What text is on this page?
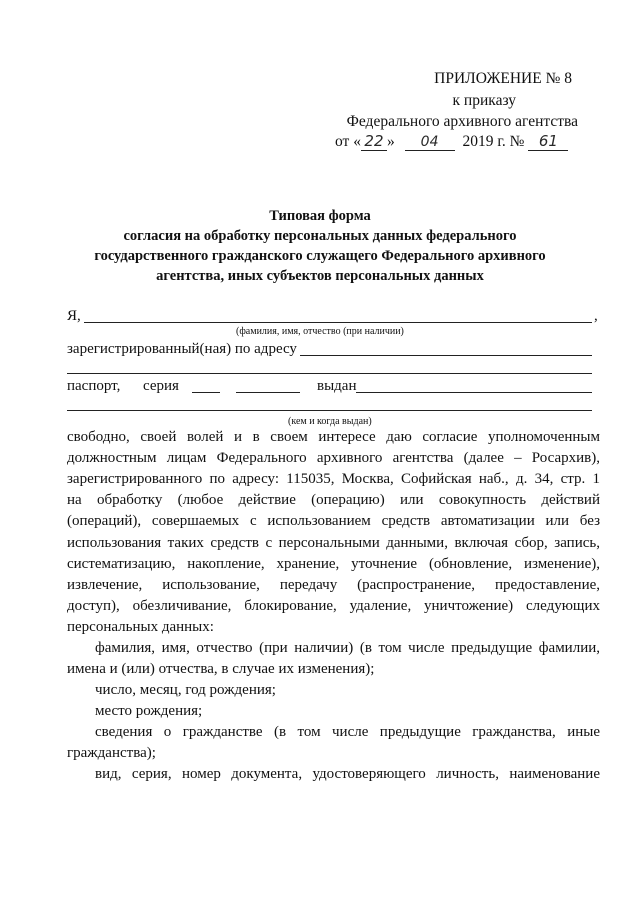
ПРИЛОЖЕНИЕ № 8
к приказу
Федерального архивного агентства
от « 22 » 04 2019 г. № 61
Типовая форма
согласия на обработку персональных данных федерального
государственного гражданского служащего Федерального архивного
агентства, иных субъектов персональных данных
Я,	,
(фамилия, имя, отчество (при наличии)
зарегистрированный(ная) по адресу
паспорт, серия	выдан
(кем и когда выдан)
свободно, своей волей и в своем интересе даю согласие уполномоченным
должностным лицам Федерального архивного агентства (далее – Росархив),
зарегистрированного по адресу: 115035, Москва, Софийская наб., д. 34, стр. 1
на обработку (любое действие (операцию) или совокупность действий
(операций), совершаемых с использованием средств автоматизации или без
использования таких средств с персональными данными, включая сбор, запись,
систематизацию, накопление, хранение, уточнение (обновление, изменение),
извлечение, использование, передачу (распространение, предоставление,
доступ), обезличивание, блокирование, удаление, уничтожение) следующих
персональных данных:
фамилия, имя, отчество (при наличии) (в том числе предыдущие фамилии,
имена и (или) отчества, в случае их изменения);
число, месяц, год рождения;
место рождения;
сведения о гражданстве (в том числе предыдущие гражданства, иные
гражданства);
вид, серия, номер документа, удостоверяющего личность, наименование
